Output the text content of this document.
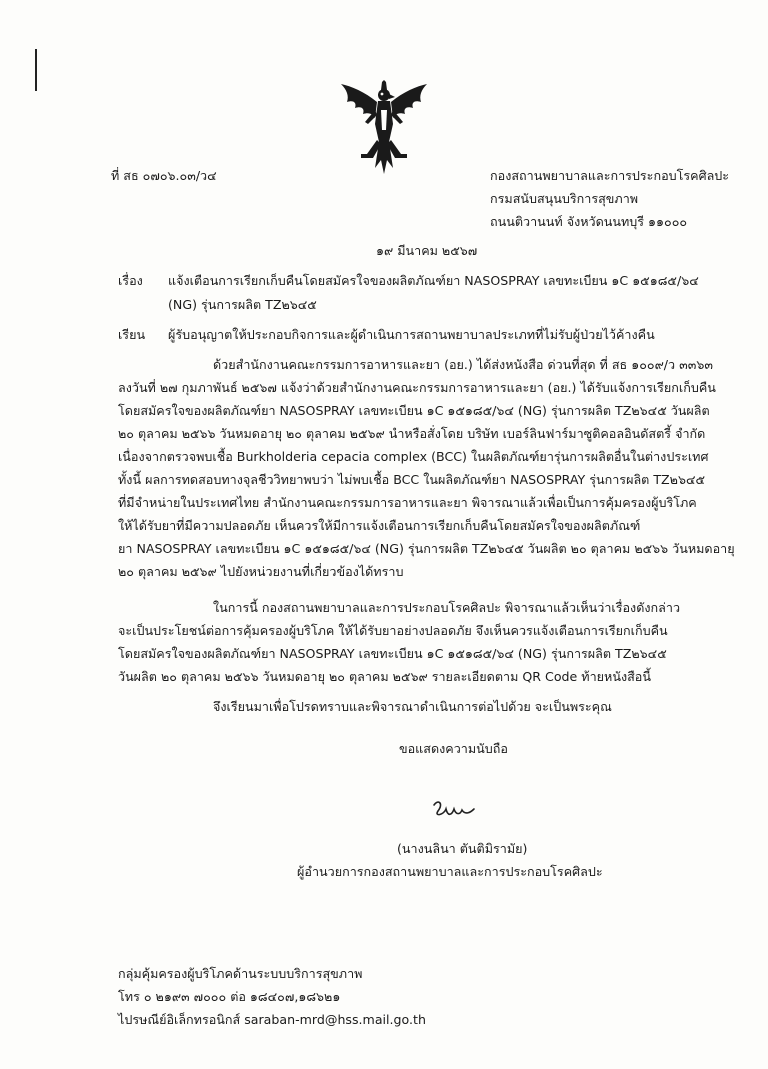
ที่ สธ ๐๗๐๖.๐๓/ว๔	กองสถานพยาบาลและการประกอบโรคศิลปะ
กรมสนับสนุนบริการสุขภาพ
ถนนติวานนท์ จังหวัดนนทบุรี ๑๑๐๐๐
๑๙ มีนาคม ๒๕๖๗
เรื่อง แจ้งเตือนการเรียกเก็บคืนโดยสมัครใจของผลิตภัณฑ์ยา NASOSPRAY เลขทะเบียน ๑C ๑๕๑๘๕/๖๔
(NG) รุ่นการผลิต TZ๒๖๔๕
เรียน ผู้รับอนุญาตให้ประกอบกิจการและผู้ดำเนินการสถานพยาบาลประเภทที่ไม่รับผู้ป่วยไว้ค้างคืน
ด้วยสำนักงานคณะกรรมการอาหารและยา (อย.) ได้ส่งหนังสือ ด่วนที่สุด ที่ สธ ๑๐๐๙/ว ๓๓๖๓
ลงวันที่ ๒๗ กุมภาพันธ์ ๒๕๖๗ แจ้งว่าด้วยสำนักงานคณะกรรมการอาหารและยา (อย.) ได้รับแจ้งการเรียกเก็บคืน
โดยสมัครใจของผลิตภัณฑ์ยา NASOSPRAY เลขทะเบียน ๑C ๑๕๑๘๕/๖๔ (NG) รุ่นการผลิต TZ๒๖๔๕ วันผลิต
๒๐ ตุลาคม ๒๕๖๖ วันหมดอายุ ๒๐ ตุลาคม ๒๕๖๙ นำหรือสั่งโดย บริษัท เบอร์ลินฟาร์มาซูติคอลอินดัสตรี้ จำกัด
เนื่องจากตรวจพบเชื้อ Burkholderia cepacia complex (BCC) ในผลิตภัณฑ์ยารุ่นการผลิตอื่นในต่างประเทศ
ทั้งนี้ ผลการทดสอบทางจุลชีววิทยาพบว่า ไม่พบเชื้อ BCC ในผลิตภัณฑ์ยา NASOSPRAY รุ่นการผลิต TZ๒๖๔๕
ที่มีจำหน่ายในประเทศไทย สำนักงานคณะกรรมการอาหารและยา พิจารณาแล้วเพื่อเป็นการคุ้มครองผู้บริโภค
ให้ได้รับยาที่มีความปลอดภัย เห็นควรให้มีการแจ้งเตือนการเรียกเก็บคืนโดยสมัครใจของผลิตภัณฑ์
ยา NASOSPRAY เลขทะเบียน ๑C ๑๕๑๘๕/๖๔ (NG) รุ่นการผลิต TZ๒๖๔๕ วันผลิต ๒๐ ตุลาคม ๒๕๖๖ วันหมดอายุ
๒๐ ตุลาคม ๒๕๖๙ ไปยังหน่วยงานที่เกี่ยวข้องได้ทราบ
ในการนี้ กองสถานพยาบาลและการประกอบโรคศิลปะ พิจารณาแล้วเห็นว่าเรื่องดังกล่าว
จะเป็นประโยชน์ต่อการคุ้มครองผู้บริโภค ให้ได้รับยาอย่างปลอดภัย จึงเห็นควรแจ้งเตือนการเรียกเก็บคืน
โดยสมัครใจของผลิตภัณฑ์ยา NASOSPRAY เลขทะเบียน ๑C ๑๕๑๘๕/๖๔ (NG) รุ่นการผลิต TZ๒๖๔๕
วันผลิต ๒๐ ตุลาคม ๒๕๖๖ วันหมดอายุ ๒๐ ตุลาคม ๒๕๖๙ รายละเอียดตาม QR Code ท้ายหนังสือนี้
จึงเรียนมาเพื่อโปรดทราบและพิจารณาดำเนินการต่อไปด้วย จะเป็นพระคุณ
ขอแสดงความนับถือ
(นางนลินา ตันติมิรามัย)
ผู้อำนวยการกองสถานพยาบาลและการประกอบโรคศิลปะ
กลุ่มคุ้มครองผู้บริโภคด้านระบบบริการสุขภาพ
โทร ๐ ๒๑๙๓ ๗๐๐๐ ต่อ ๑๘๔๐๗,๑๘๖๒๑
ไปรษณีย์อิเล็กทรอนิกส์ saraban-mrd@hss.mail.go.th
